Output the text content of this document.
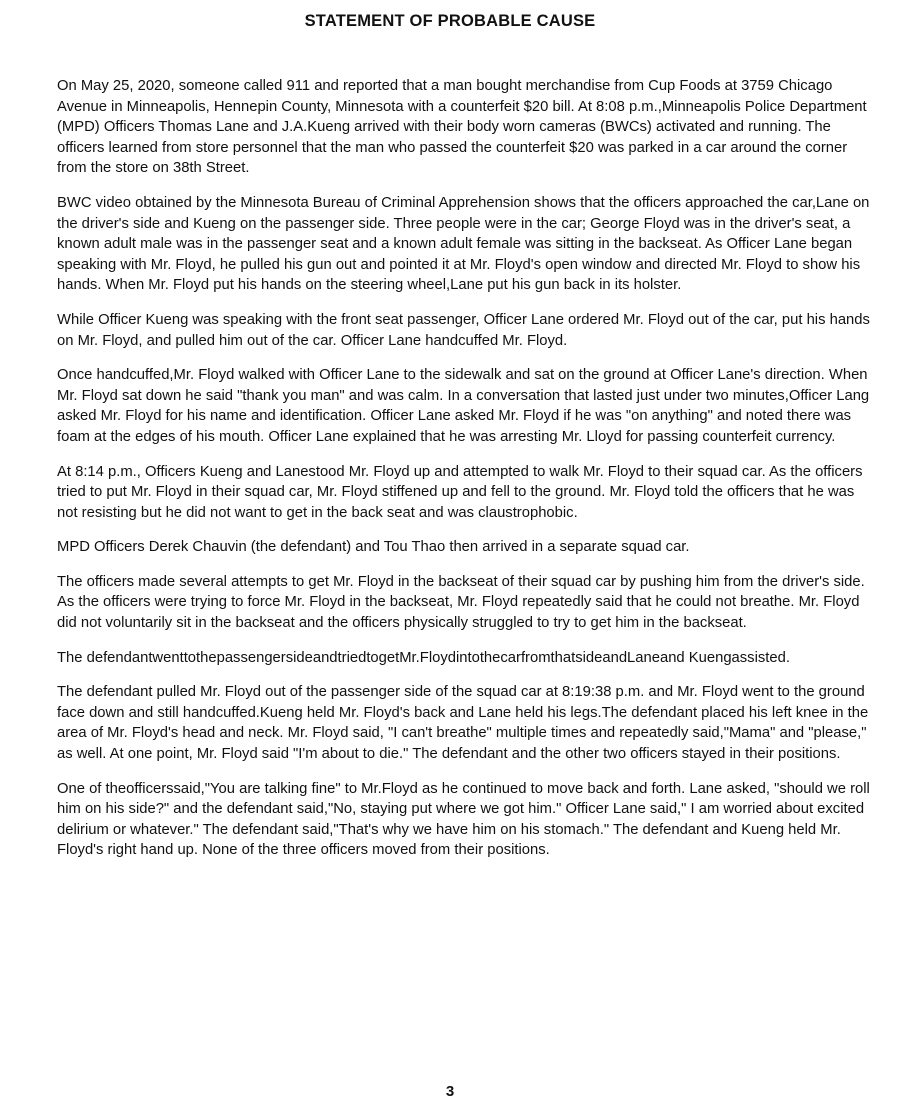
STATEMENT OF PROBABLE CAUSE

On May 25, 2020, someone called 911 and reported that a man bought merchandise from Cup Foods at 3759 Chicago Avenue in Minneapolis, Hennepin County, Minnesota with a counterfeit $20 bill. At 8:08 p.m.,Minneapolis Police Department (MPD) Officers Thomas Lane and J.A.Kueng arrived with their body worn cameras (BWCs) activated and running. The officers learned from store personnel that the man who passed the counterfeit $20 was parked in a car around the corner from the store on 38th Street.

BWC video obtained by the Minnesota Bureau of Criminal Apprehension shows that the officers approached the car,Lane on the driver's side and Kueng on the passenger side. Three people were in the car; George Floyd was in the driver's seat, a known adult male was in the passenger seat and a known adult female was sitting in the backseat. As Officer Lane began speaking with Mr. Floyd, he pulled his gun out and pointed it at Mr. Floyd's open window and directed Mr. Floyd to show his hands. When Mr. Floyd put his hands on the steering wheel,Lane put his gun back in its holster.

While Officer Kueng was speaking with the front seat passenger, Officer Lane ordered Mr. Floyd out of the car, put his hands on Mr. Floyd, and pulled him out of the car. Officer Lane handcuffed Mr. Floyd.

Once handcuffed,Mr. Floyd walked with Officer Lane to the sidewalk and sat on the ground at Officer Lane's direction. When Mr. Floyd sat down he said "thank you man" and was calm. In a conversation that lasted just under two minutes,Officer Lang asked Mr. Floyd for his name and identification. Officer Lane asked Mr. Floyd if he was "on anything" and noted there was foam at the edges of his mouth. Officer Lane explained that he was arresting Mr. Lloyd for passing counterfeit currency.

At 8:14 p.m., Officers Kueng and Lanestood Mr. Floyd up and attempted to walk Mr. Floyd to their squad car. As the officers tried to put Mr. Floyd in their squad car, Mr. Floyd stiffened up and fell to the ground. Mr. Floyd told the officers that he was not resisting but he did not want to get in the back seat and was claustrophobic.

MPD Officers Derek Chauvin (the defendant) and Tou Thao then arrived in a separate squad car.

The officers made several attempts to get Mr. Floyd in the backseat of their squad car by pushing him from the driver's side. As the officers were trying to force Mr. Floyd in the backseat, Mr. Floyd repeatedly said that he could not breathe. Mr. Floyd did not voluntarily sit in the backseat and the officers physically struggled to try to get him in the backseat.

The defendantwenttothepassengersideandtriedtogetMr.FloydintothecarfromthatsideandLaneand Kuengassisted.

The defendant pulled Mr. Floyd out of the passenger side of the squad car at 8:19:38 p.m. and Mr. Floyd went to the ground face down and still handcuffed.Kueng held Mr. Floyd's back and Lane held his legs.The defendant placed his left knee in the area of Mr. Floyd's head and neck. Mr. Floyd said, "I can't breathe" multiple times and repeatedly said,"Mama" and "please," as well. At one point, Mr. Floyd said "I'm about to die." The defendant and the other two officers stayed in their positions.

One of theofficerssaid,"You are talking fine" to Mr.Floyd as he continued to move back and forth. Lane asked, "should we roll him on his side?" and the defendant said,"No, staying put where we got him." Officer Lane said," I am worried about excited delirium or whatever." The defendant said,"That's why we have him on his stomach." The defendant and Kueng held Mr. Floyd's right hand up. None of the three officers moved from their positions.

3
